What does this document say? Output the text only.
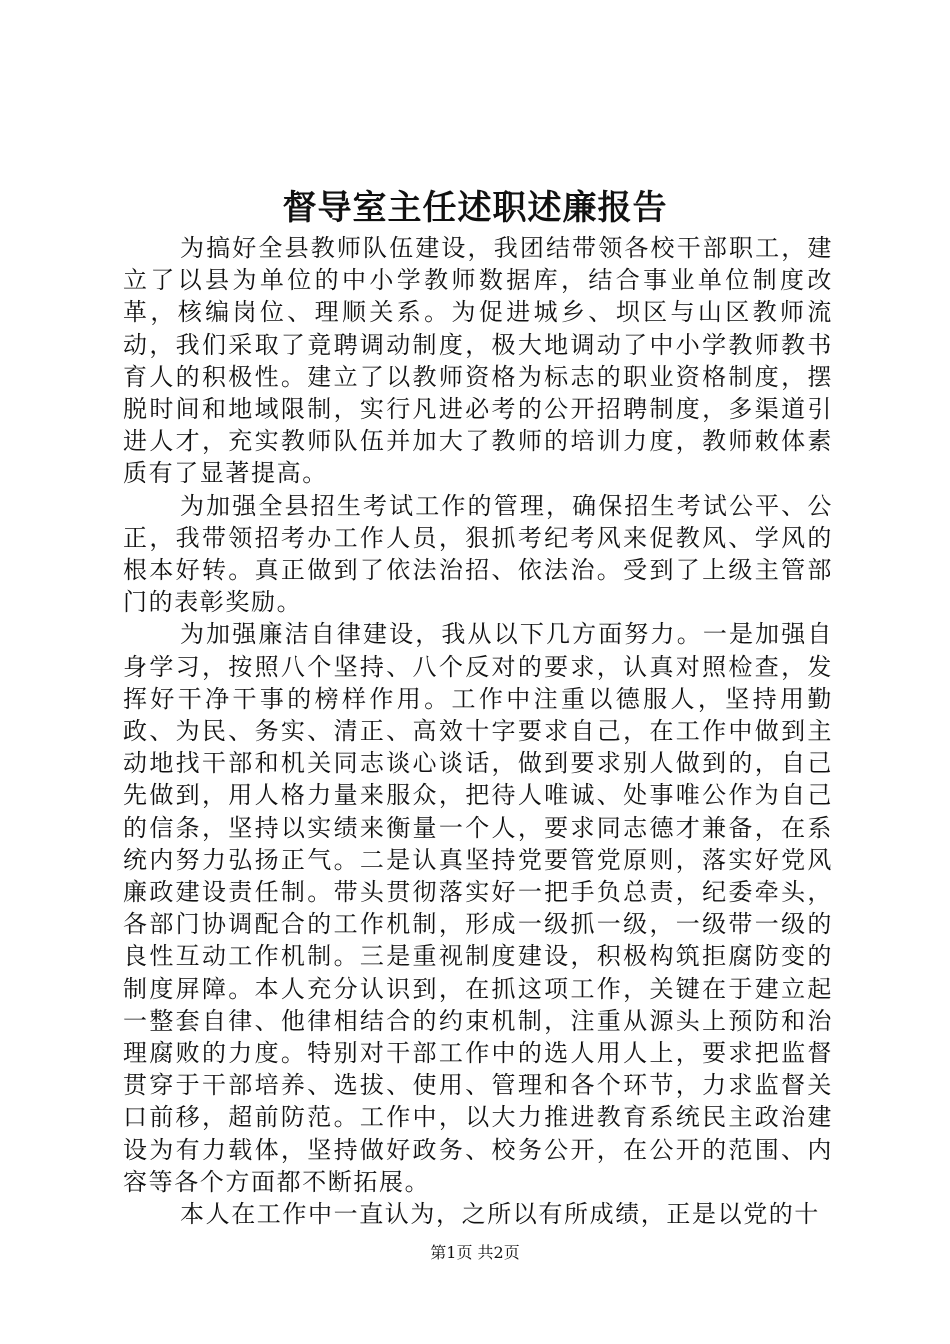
督导室主任述职述廉报告

为搞好全县教师队伍建设，我团结带领各校干部职工，建立了以县为单位的中小学教师数据库，结合事业单位制度改革，核编岗位、理顺关系。为促进城乡、坝区与山区教师流动，我们采取了竟聘调动制度，极大地调动了中小学教师教书育人的积极性。建立了以教师资格为标志的职业资格制度，摆脱时间和地域限制，实行凡进必考的公开招聘制度，多渠道引进人才，充实教师队伍并加大了教师的培训力度，教师敕体素质有了显著提高。

为加强全县招生考试工作的管理，确保招生考试公平、公正，我带领招考办工作人员，狠抓考纪考风来促教风、学风的根本好转。真正做到了依法治招、依法治。受到了上级主管部门的表彰奖励。

为加强廉洁自律建设，我从以下几方面努力。一是加强自身学习，按照八个坚持、八个反对的要求，认真对照检查，发挥好干净干事的榜样作用。工作中注重以德服人，坚持用勤政、为民、务实、清正、高效十字要求自己，在工作中做到主动地找干部和机关同志谈心谈话，做到要求别人做到的，自己先做到，用人格力量来服众，把待人唯诚、处事唯公作为自己的信条，坚持以实绩来衡量一个人，要求同志德才兼备，在系统内努力弘扬正气。二是认真坚持党要管党原则，落实好党风廉政建设责任制。带头贯彻落实好一把手负总责，纪委牵头，各部门协调配合的工作机制，形成一级抓一级，一级带一级的良性互动工作机制。三是重视制度建设，积极构筑拒腐防变的制度屏障。本人充分认识到，在抓这项工作，关键在于建立起一整套自律、他律相结合的约束机制，注重从源头上预防和治理腐败的力度。特别对干部工作中的选人用人上，要求把监督贯穿于干部培养、选拔、使用、管理和各个环节，力求监督关口前移，超前防范。工作中，以大力推进教育系统民主政治建设为有力载体，坚持做好政务、校务公开，在公开的范围、内容等各个方面都不断拓展。

本人在工作中一直认为，之所以有所成绩，正是以党的十

第1页 共2页
